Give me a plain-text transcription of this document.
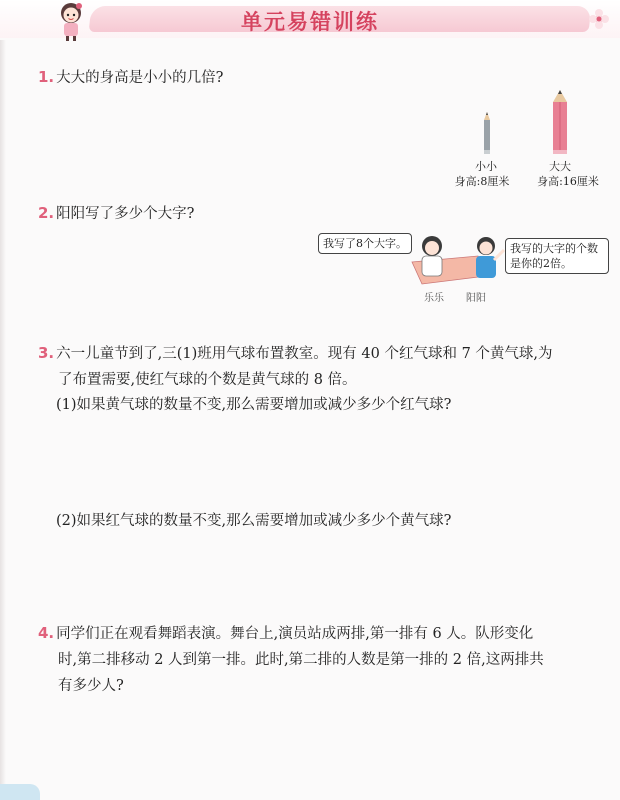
单元易错训练
1. 大大的身高是小小的几倍?
小小
身高:8厘米
大大
身高:16厘米
2. 阳阳写了多少个大字?
我写了8个大字。	我写的大字的个数是你的2倍。
乐乐 阳阳
3. 六一儿童节到了,三(1)班用气球布置教室。现有 40 个红气球和 7 个黄气球,为
了布置需要,使红气球的个数是黄气球的 8 倍。
(1)如果黄气球的数量不变,那么需要增加或减少多少个红气球?
(2)如果红气球的数量不变,那么需要增加或减少多少个黄气球?
4. 同学们正在观看舞蹈表演。舞台上,演员站成两排,第一排有 6 人。队形变化
时,第二排移动 2 人到第一排。此时,第二排的人数是第一排的 2 倍,这两排共
有多少人?
